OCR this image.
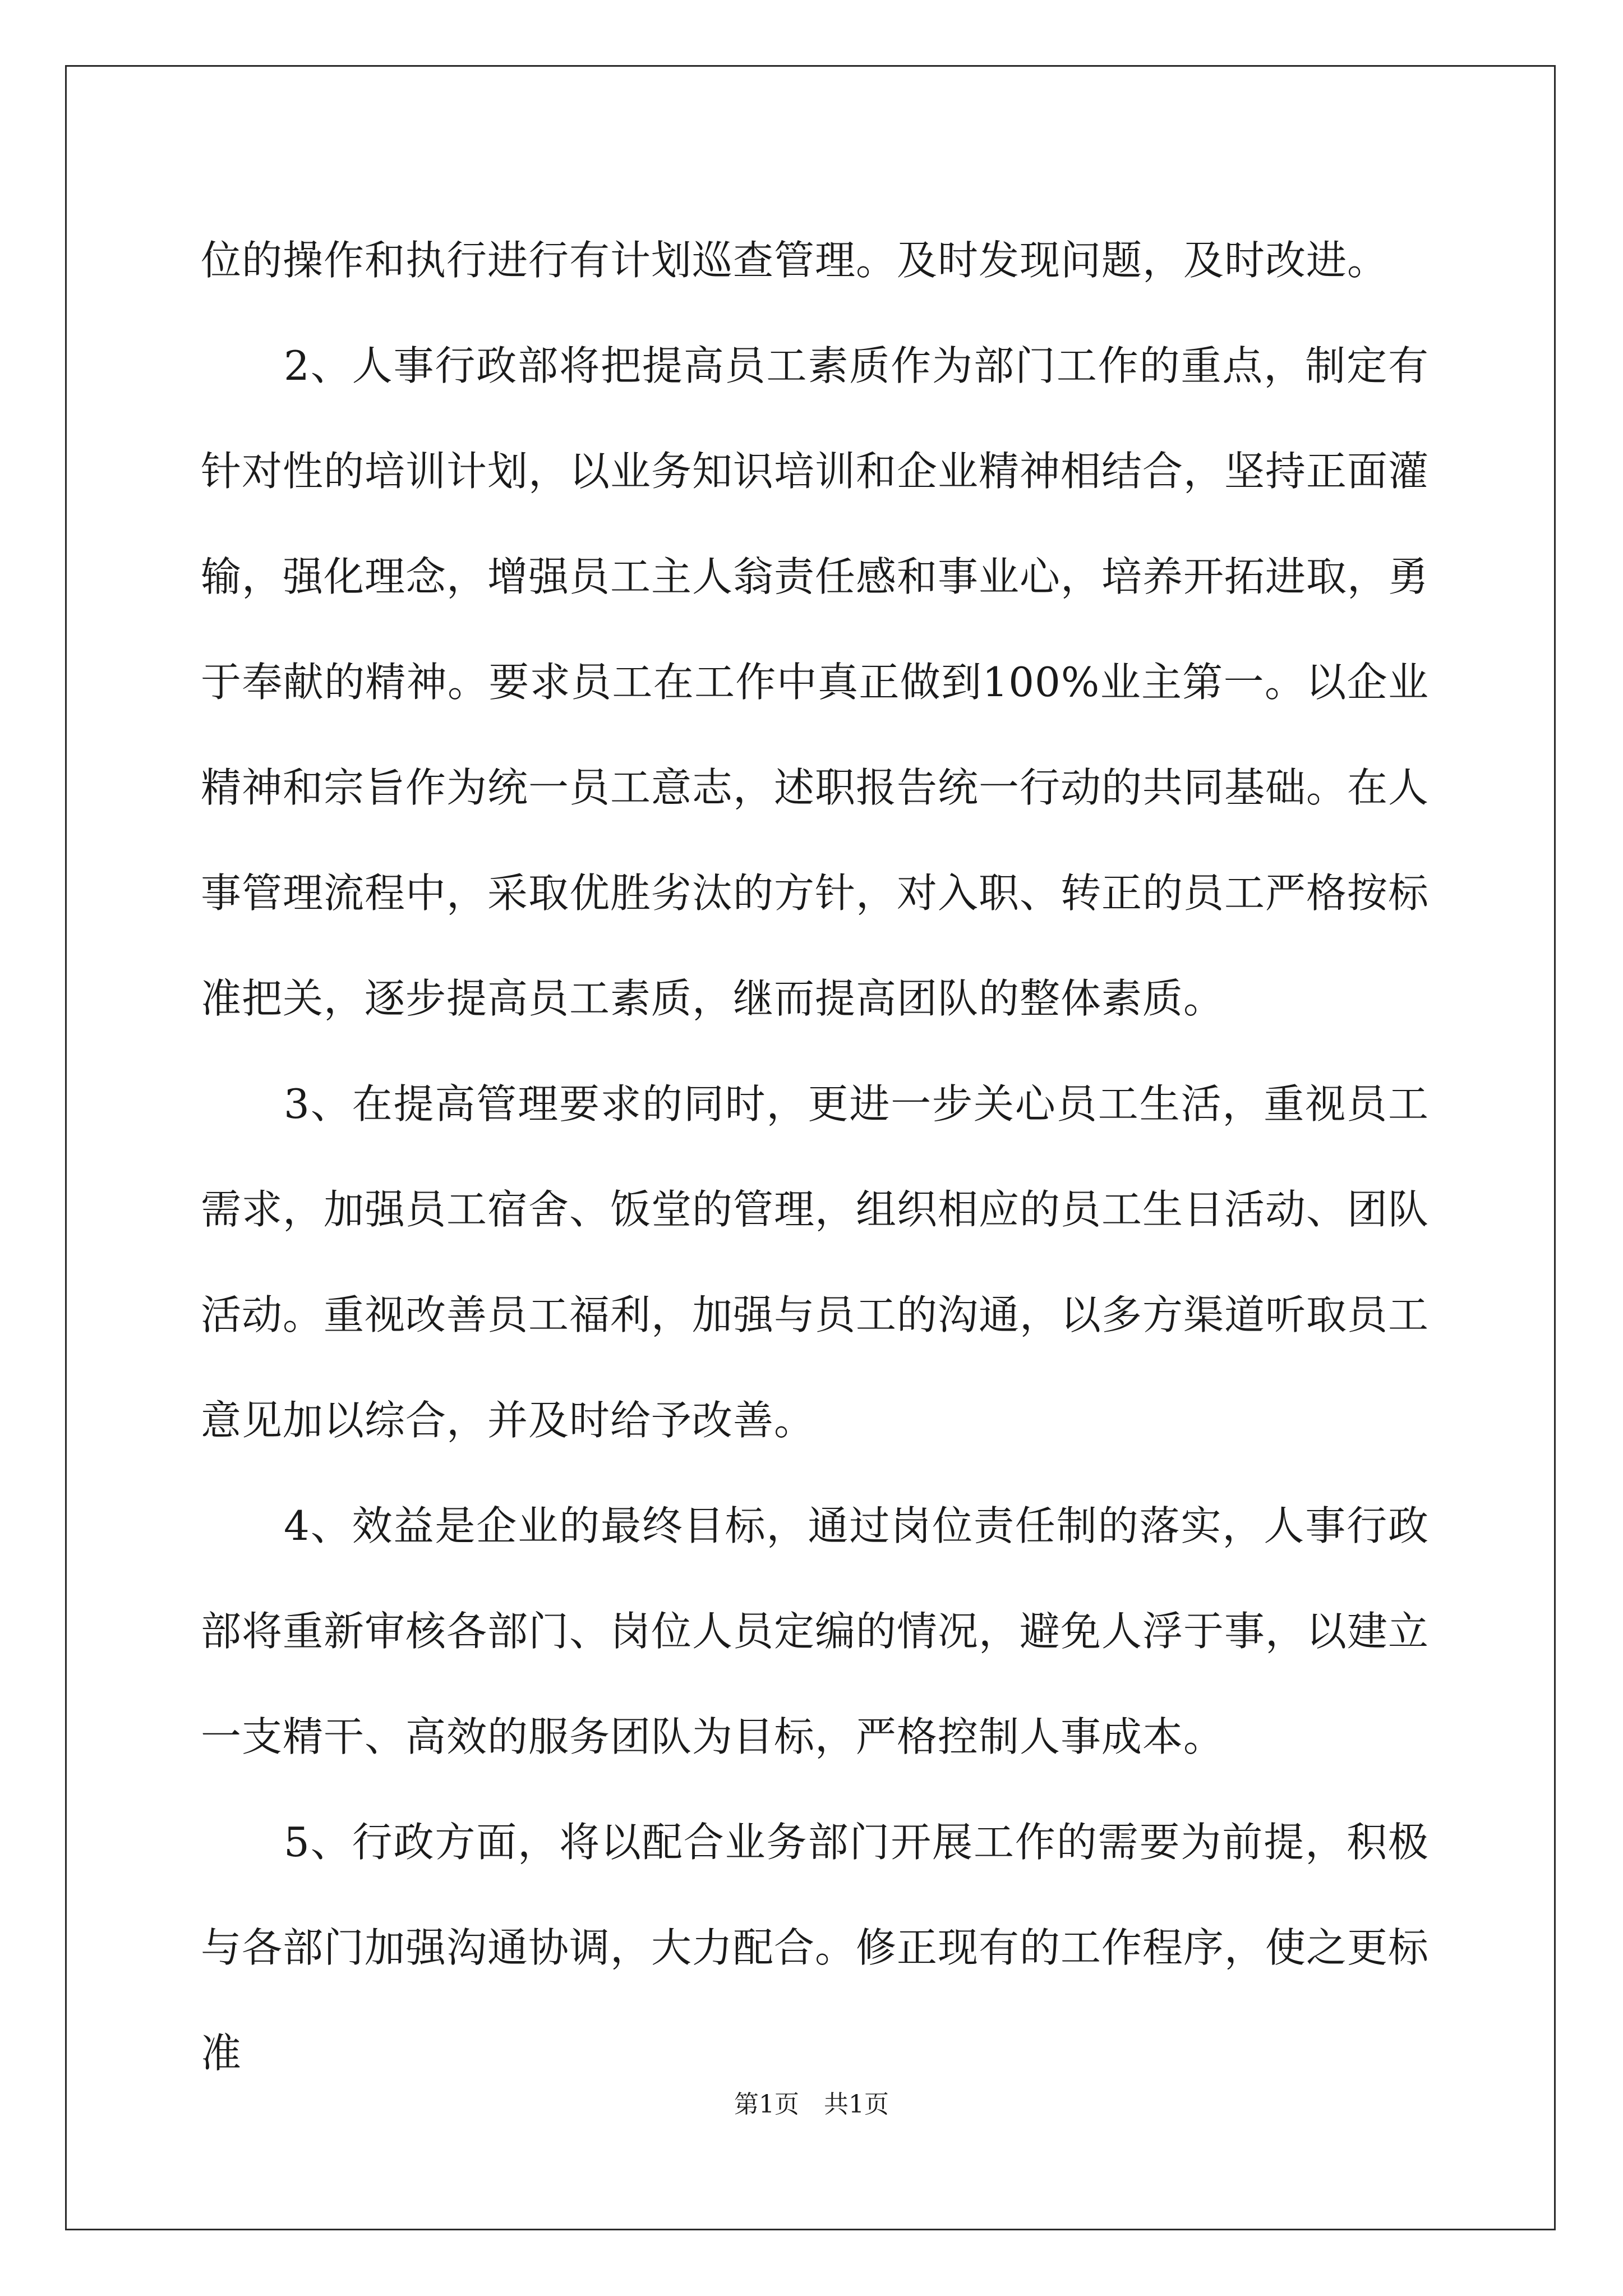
位的操作和执行进行有计划巡查管理。及时发现问题，及时改进。

2、人事行政部将把提高员工素质作为部门工作的重点，制定有针对性的培训计划，以业务知识培训和企业精神相结合，坚持正面灌输，强化理念，增强员工主人翁责任感和事业心，培养开拓进取，勇于奉献的精神。要求员工在工作中真正做到100%业主第一。以企业精神和宗旨作为统一员工意志，述职报告统一行动的共同基础。在人事管理流程中，采取优胜劣汰的方针，对入职、转正的员工严格按标准把关，逐步提高员工素质，继而提高团队的整体素质。

3、在提高管理要求的同时，更进一步关心员工生活，重视员工需求，加强员工宿舍、饭堂的管理，组织相应的员工生日活动、团队活动。重视改善员工福利，加强与员工的沟通，以多方渠道听取员工意见加以综合，并及时给予改善。

4、效益是企业的最终目标，通过岗位责任制的落实，人事行政部将重新审核各部门、岗位人员定编的情况，避免人浮于事，以建立一支精干、高效的服务团队为目标，严格控制人事成本。

5、行政方面，将以配合业务部门开展工作的需要为前提，积极与各部门加强沟通协调，大力配合。修正现有的工作程序，使之更标准

第1页 共1页
